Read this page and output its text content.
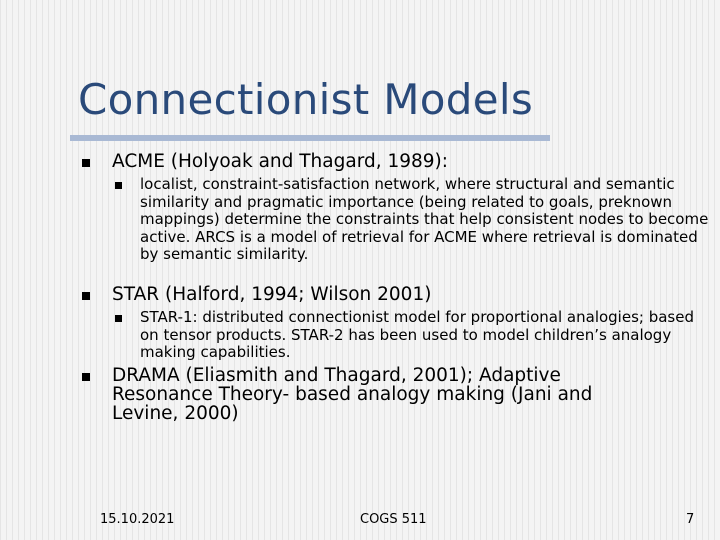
Connectionist Models
ACME (Holyoak and Thagard, 1989):
localist, constraint-satisfaction network, where structural and semantic similarity and pragmatic importance (being related to goals, preknown mappings) determine the constraints that help consistent nodes to become active. ARCS is a model of retrieval for ACME where retrieval is dominated by semantic similarity.
STAR (Halford, 1994; Wilson 2001)
STAR-1: distributed connectionist model for proportional analogies; based on tensor products. STAR-2 has been used to model children’s analogy making capabilities.
DRAMA (Eliasmith and Thagard, 2001); Adaptive Resonance Theory- based analogy making (Jani and Levine, 2000)
15.10.2021	COGS 511	7
